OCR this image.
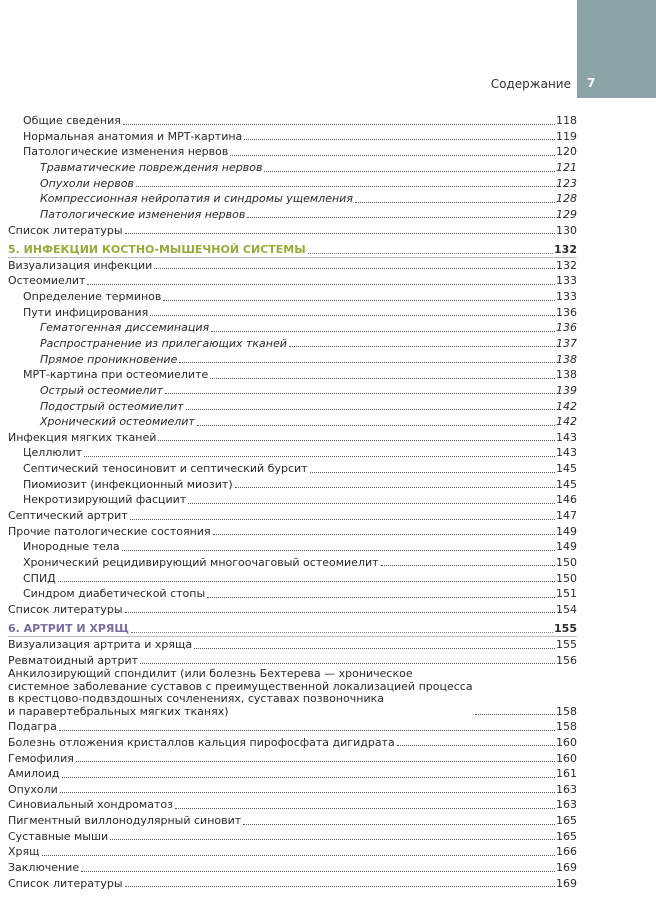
7
Содержание
Общие сведения	118
Нормальная анатомия и МРТ-картина	119
Патологические изменения нервов	120
Травматические повреждения нервов	121
Опухоли нервов	123
Компрессионная нейропатия и синдромы ущемления	128
Патологические изменения нервов	129
Список литературы	130
5. ИНФЕКЦИИ КОСТНО-МЫШЕЧНОЙ СИСТЕМЫ	132
Визуализация инфекции	132
Остеомиелит	133
Определение терминов	133
Пути инфицирования	136
Гематогенная диссеминация	136
Распространение из прилегающих тканей	137
Прямое проникновение	138
МРТ-картина при остеомиелите	138
Острый остеомиелит	139
Подострый остеомиелит	142
Хронический остеомиелит	142
Инфекция мягких тканей	143
Целлюлит	143
Септический теносиновит и септический бурсит	145
Пиомиозит (инфекционный миозит)	145
Некротизирующий фасциит	146
Септический артрит	147
Прочие патологические состояния	149
Инородные тела	149
Хронический рецидивирующий многоочаговый остеомиелит	150
СПИД	150
Синдром диабетической стопы	151
Список литературы	154
6. АРТРИТ И ХРЯЩ	155
Визуализация артрита и хряща	155
Ревматоидный артрит	156
Анкилозирующий спондилит (или болезнь Бехтерева — хроническое
системное заболевание суставов с преимущественной локализацией процесса
в крестцово-подвздошных сочленениях, суставах позвоночника
и паравертебральных мягких тканях)	158
Подагра	158
Болезнь отложения кристаллов кальция пирофосфата дигидрата	160
Гемофилия	160
Амилоид	161
Опухоли	163
Синовиальный хондроматоз	163
Пигментный виллонодулярный синовит	165
Суставные мыши	165
Хрящ	166
Заключение	169
Список литературы	169
